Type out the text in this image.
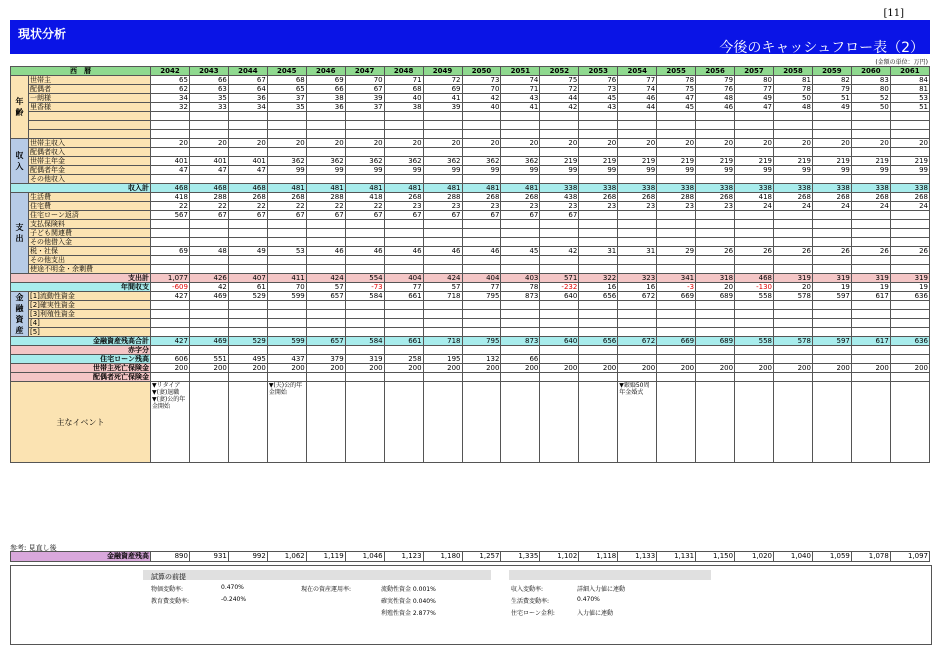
[11]
現状分析
今後のキャッシュフロー表（2）
(金額の単位：万円)
西　暦		2042	2043	2044	2045	2046	2047	2048	2049	2050	2051	2052	2053	2054	2055	2056	2057	2058	2059	2060	2061
年 齢	世帯主	65	66	67	68	69	70	71	72	73	74	75	76	77	78	79	80	81	82	83	84
	配偶者	62	63	64	65	66	67	68	69	70	71	72	73	74	75	76	77	78	79	80	81
	一朗様	34	35	36	37	38	39	40	41	42	43	44	45	46	47	48	49	50	51	52	53
	里香様	32	33	34	35	36	37	38	39	40	41	42	43	44	45	46	47	48	49	50	51

収 入	世帯主収入	20	20	20	20	20	20	20	20	20	20	20	20	20	20	20	20	20	20	20	20
	配偶者収入																				
	世帯主年金	401	401	401	362	362	362	362	362	362	362	219	219	219	219	219	219	219	219	219	219
	配偶者年金	47	47	47	99	99	99	99	99	99	99	99	99	99	99	99	99	99	99	99	99
	その他収入																				
収入計		468	468	468	481	481	481	481	481	481	481	338	338	338	338	338	338	338	338	338	338
支 出	生活費	418	288	268	268	288	418	268	288	268	268	438	268	268	288	268	418	268	268	268	268
	住宅費	22	22	22	22	22	22	23	23	23	23	23	23	23	23	23	24	24	24	24	24
	住宅ローン返済	567	67	67	67	67	67	67	67	67	67	67									
	支払保険料																				
	子ども関連費																				
	その他借入金																				
	税・社保	69	48	49	53	46	46	46	46	46	45	42	31	31	29	26	26	26	26	26	26
	その他支出																				
	使途不明金・余剰費																				
支出計		1,077	426	407	411	424	554	404	424	404	403	571	322	323	341	318	468	319	319	319	319
年間収支		-609	42	61	70	57	-73	77	57	77	78	-232	16	16	-3	20	-130	20	19	19	19
金 融 資 産	[1]流動性資金	427	469	529	599	657	584	661	718	795	873	640	656	672	669	689	558	578	597	617	636
	[2]確実性資金																				
	[3]利殖性資金																				
	[4]																				
	[5]																				
金融資産残高合計		427	469	529	599	657	584	661	718	795	873	640	656	672	669	689	558	578	597	617	636
赤字分																					
住宅ローン残高		606	551	495	437	379	319	258	195	132	66										
世帯主死亡保険金		200	200	200	200	200	200	200	200	200	200	200	200	200	200	200	200	200	200	200	200
配偶者死亡保険金																					
主なイベント		▼リタイア
▼(妻)退職
▼(妻)公的年金開始			▼(夫)公的年金開始									▼銀婚50周年金婚式							

参考: 見直し後
金融資産残高	890	931	992	1,062	1,119	1,046	1,123	1,180	1,257	1,335	1,102	1,118	1,133	1,131	1,150	1,020	1,040	1,059	1,078	1,097
試算の前提
物価変動率:	0.470%
教育費変動率:	-0.240%
現在の資産運用率:	流動性資金 0.001%
確実性資金 0.040%
利殖性資金 2.877%
収入変動率:	詳細入力値に連動
生活費変動率:	0.470%
住宅ローン金利:	入力値に連動
